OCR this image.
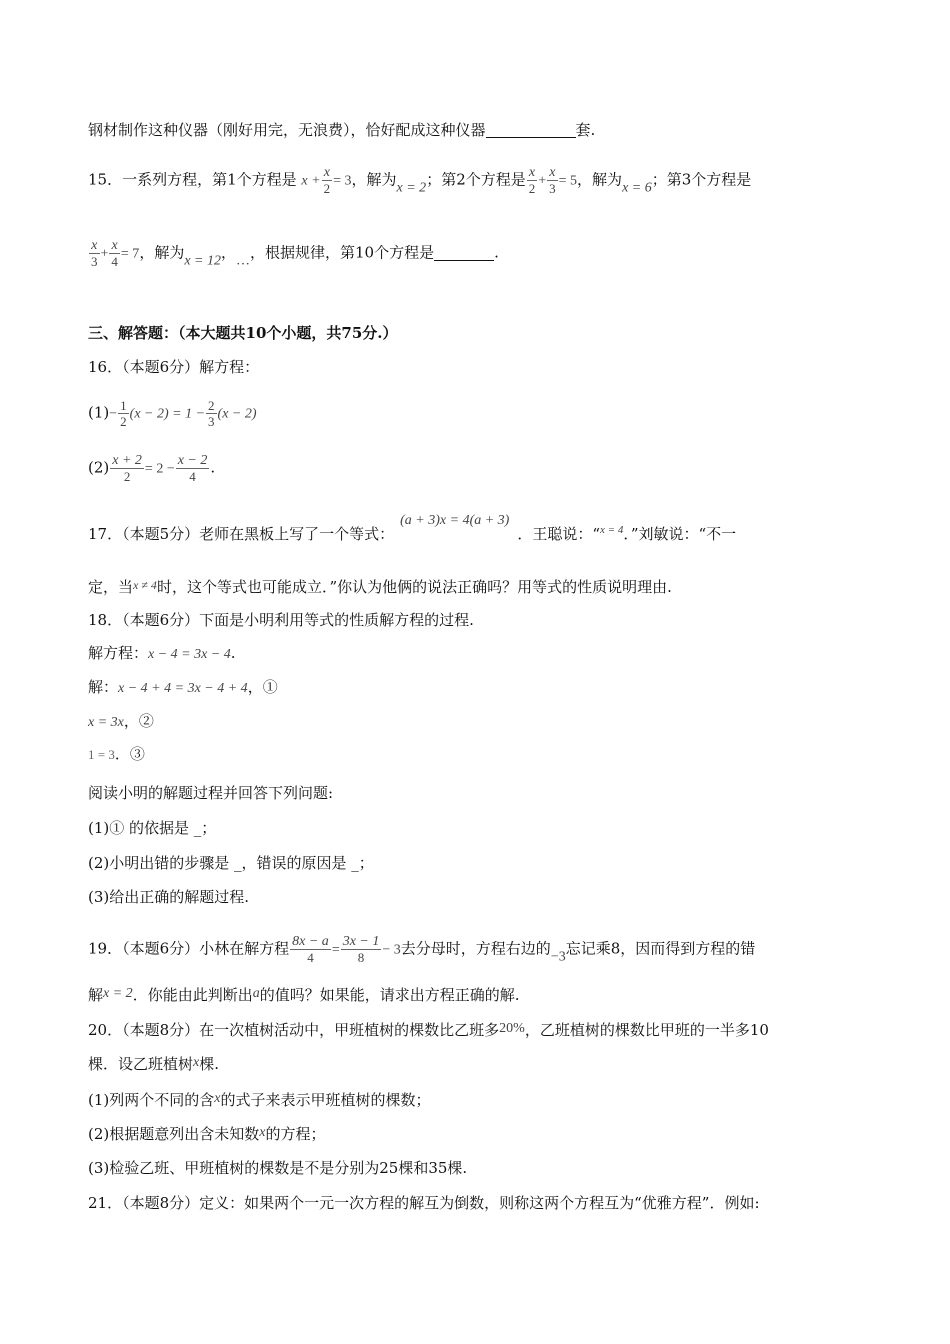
钢材制作这种仪器（刚好用完，无浪费），恰好配成这种仪器	套.
15．一系列方程，第1个方程是 $x + \frac{x}{2} = 3$，解为x = 2；第2个方程是 $\frac{x}{2} + \frac{x}{3} = 5$，解为x = 6；第3个方程是
$\frac{x}{3} + \frac{x}{4} = 7$，解为x = 12，…，根据规律，第10个方程是	.
三、解答题：（本大题共10个小题，共75分.）
16．（本题6分）解方程：
$(1)- \frac{1}{2} (x - 2) = 1 - \frac{2}{3} (x - 2)$
$(2) \frac{x + 2}{2} = 2 - \frac{x - 2}{4}$ .
17．（本题5分）老师在黑板上写了一个等式：(a + 3)x = 4(a + 3)．王聪说：“$^{x = 4}$．”刘敏说：“不一
定，当$^{x \ne 4}$时，这个等式也可能成立．”你认为他俩的说法正确吗？用等式的性质说明理由.
18．（本题6分）下面是小明利用等式的性质解方程的过程.
解方程：x − 4 = 3x − 4.
解：x − 4 + 4 = 3x − 4 + 4，①
x = 3x，②
1 = 3．③
阅读小明的解题过程并回答下列问题:
(1)① 的依据是 _；
(2)小明出错的步骤是 _，错误的原因是 _；
(3)给出正确的解题过程.
19．（本题6分）小林在解方程 $\frac{8x - a}{4} = \frac{3x - 1}{8} - 3$去分母时，方程右边的−3忘记乘8，因而得到方程的错
解x = 2．你能由此判断出a的值吗？如果能，请求出方程正确的解.
20．（本题8分）在一次植树活动中，甲班植树的棵数比乙班多20%，乙班植树的棵数比甲班的一半多10
棵．设乙班植树x棵.
(1)列两个不同的含x的式子来表示甲班植树的棵数；
(2)根据题意列出含未知数x的方程；
(3)检验乙班、甲班植树的棵数是不是分别为25棵和35棵.
21．（本题8分）定义：如果两个一元一次方程的解互为倒数，则称这两个方程互为“优雅方程”．例如:
